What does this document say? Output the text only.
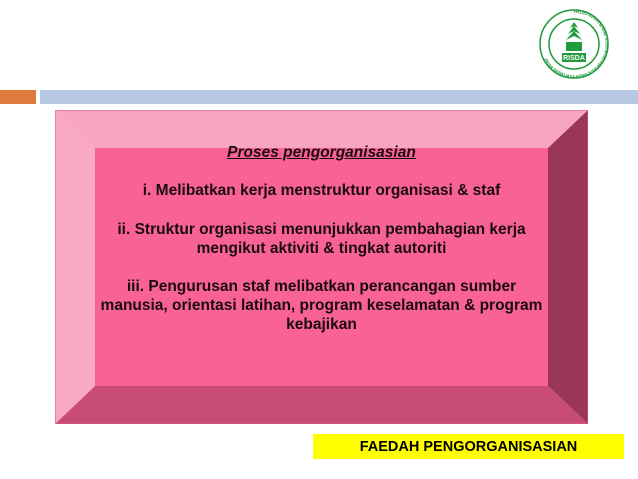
PIHAK BERKUASA KEMAJUAN PEKEBUN KECIL PERUSAHAAN GETAH
RISDA
Proses pengorganisasian
i. Melibatkan kerja menstruktur organisasi & staf
ii. Struktur organisasi menunjukkan pembahagian kerja mengikut aktiviti & tingkat autoriti
iii. Pengurusan staf melibatkan perancangan sumber manusia, orientasi latihan, program keselamatan & program kebajikan
FAEDAH PENGORGANISASIAN
